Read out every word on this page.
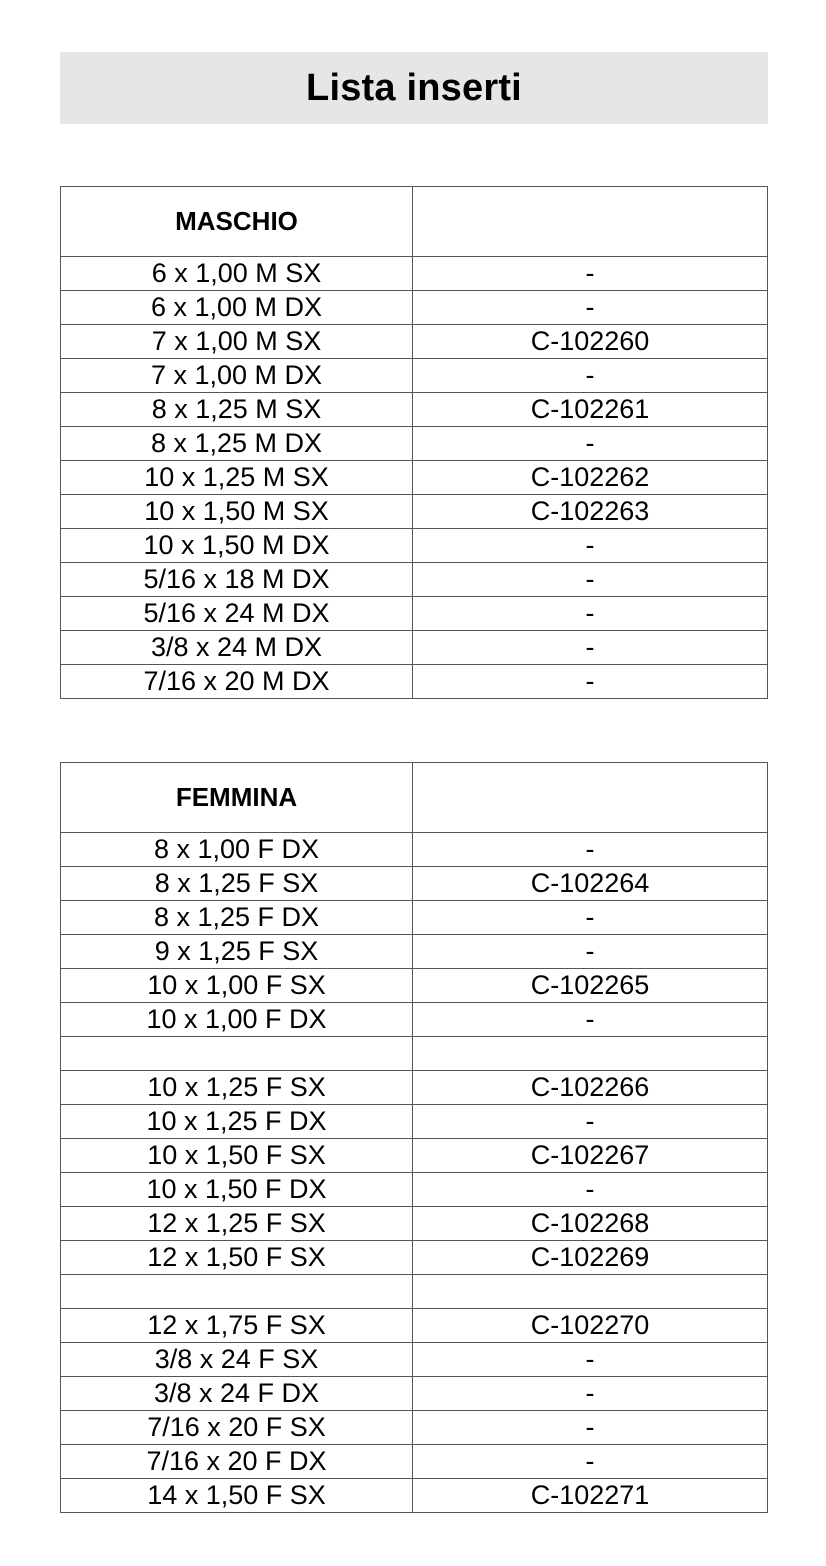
Lista inserti
MASCHIO	
6 x 1,00 M SX	-
6 x 1,00 M DX	-
7 x 1,00 M SX	C-102260
7 x 1,00 M DX	-
8 x 1,25 M SX	C-102261
8 x 1,25 M DX	-
10 x 1,25 M SX	C-102262
10 x 1,50 M SX	C-102263
10 x 1,50 M DX	-
5/16 x 18 M DX	-
5/16 x 24 M DX	-
3/8 x 24 M DX	-
7/16 x 20 M DX	-
FEMMINA	
8 x 1,00 F DX	-
8 x 1,25 F SX	C-102264
8 x 1,25 F DX	-
9 x 1,25 F SX	-
10 x 1,00 F SX	C-102265
10 x 1,00 F DX	-

10 x 1,25 F SX	C-102266
10 x 1,25 F DX	-
10 x 1,50 F SX	C-102267
10 x 1,50 F DX	-
12 x 1,25 F SX	C-102268
12 x 1,50 F SX	C-102269

12 x 1,75 F SX	C-102270
3/8 x 24 F SX	-
3/8 x 24 F DX	-
7/16 x 20 F SX	-
7/16 x 20 F DX	-
14 x 1,50 F SX	C-102271
